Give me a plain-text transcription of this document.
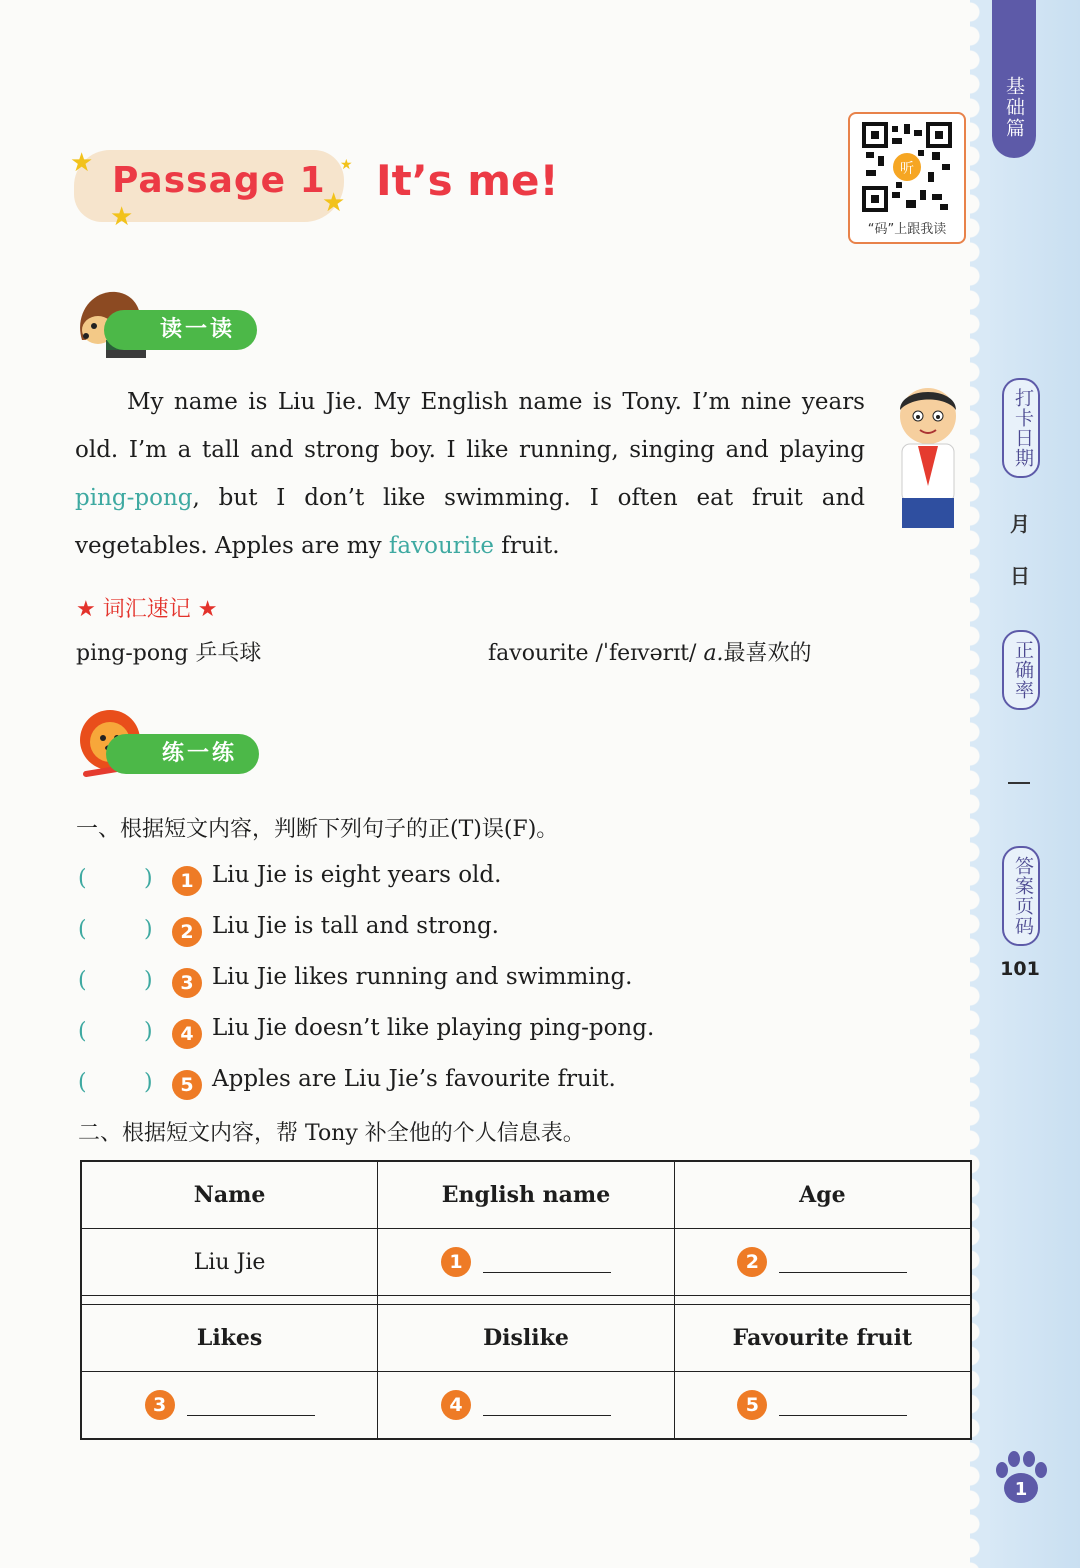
基础篇
打卡日期
月
日
正确率
答案页码
101
1
★
★	★
★
Passage 1 It’s me!	听
“码”上跟我读
读一读

My name is Liu Jie. My English name is Tony. I’m nine years old. I’m a tall and strong boy. I like running, singing and playing ping-pong, but I don’t like swimming. I often eat fruit and vegetables. Apples are my favourite fruit.

★ 词汇速记 ★
ping-pong 乒乓球	favourite /ˈfeɪvərɪt/ a.最喜欢的
练一练
一、根据短文内容，判断下列句子的正(T)误(F)。
(	)	1 Liu Jie is eight years old.
(	)	2 Liu Jie is tall and strong.
(	)	3 Liu Jie likes running and swimming.
(	)	4 Liu Jie doesn’t like playing ping-pong.
(	)	5 Apples are Liu Jie’s favourite fruit.
二、根据短文内容，帮 Tony 补全他的个人信息表。
Name	English name	Age
Liu Jie	1	2

Likes	Dislike	Favourite fruit
3	4	5
